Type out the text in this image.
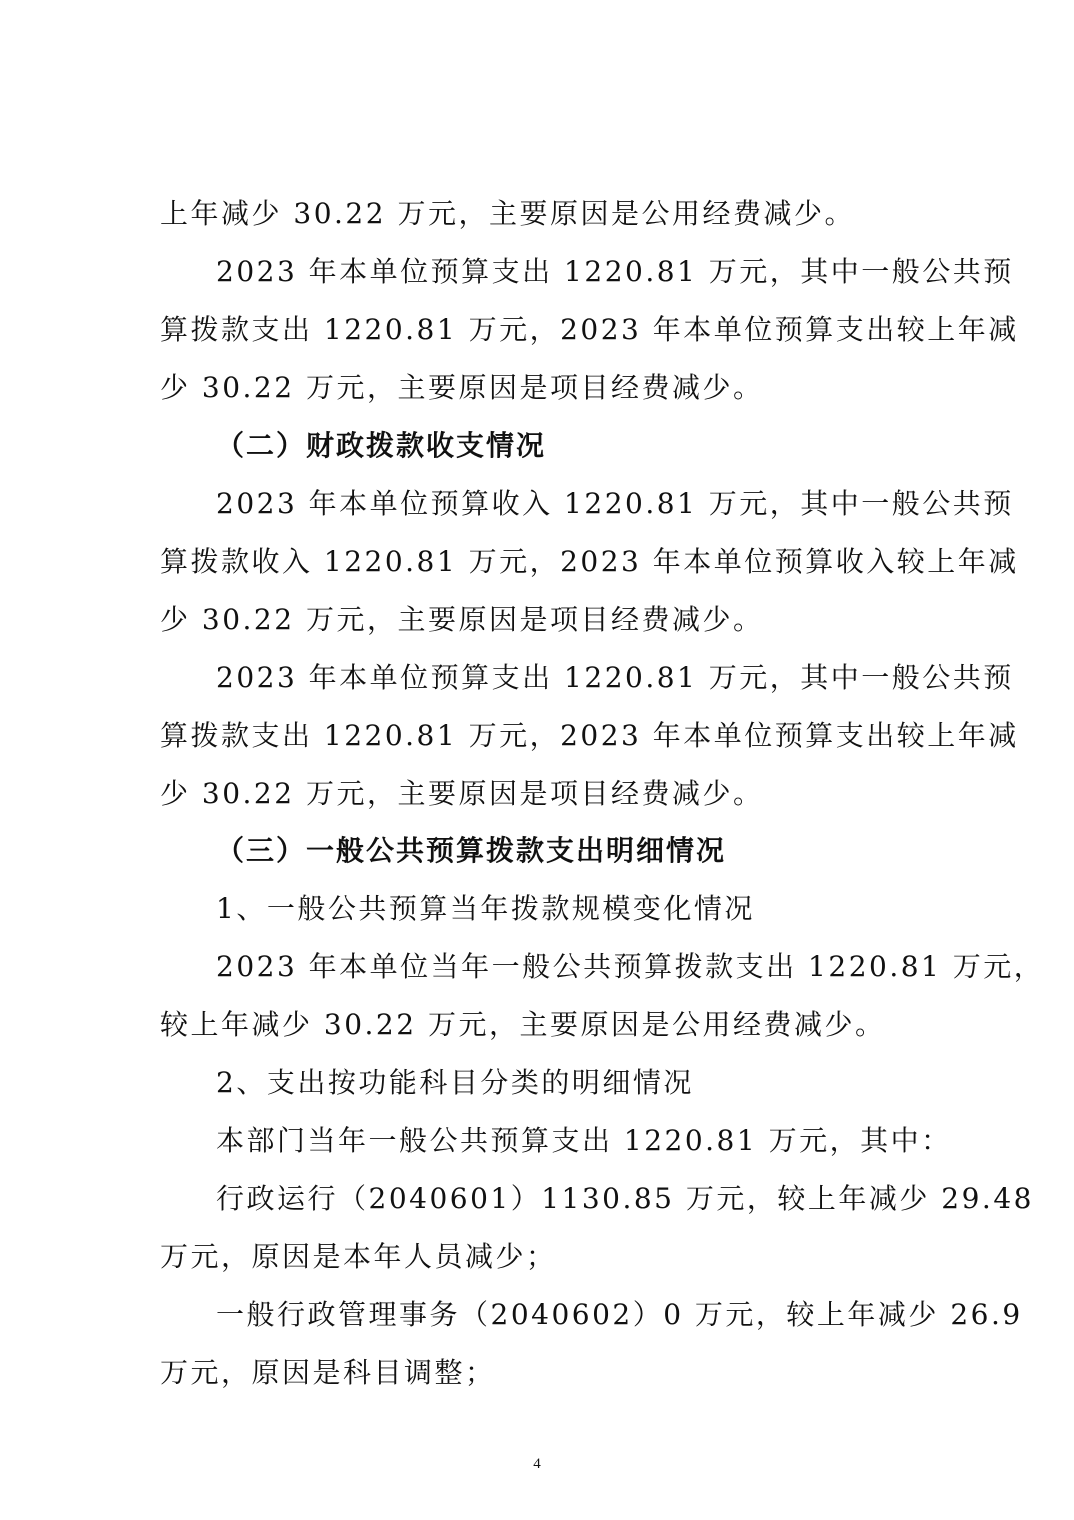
上年减少 30.22 万元，主要原因是公用经费减少。
2023 年本单位预算支出 1220.81 万元，其中一般公共预
算拨款支出 1220.81 万元，2023 年本单位预算支出较上年减
少 30.22 万元，主要原因是项目经费减少。
（二）财政拨款收支情况
2023 年本单位预算收入 1220.81 万元，其中一般公共预
算拨款收入 1220.81 万元，2023 年本单位预算收入较上年减
少 30.22 万元，主要原因是项目经费减少。
2023 年本单位预算支出 1220.81 万元，其中一般公共预
算拨款支出 1220.81 万元，2023 年本单位预算支出较上年减
少 30.22 万元，主要原因是项目经费减少。
（三）一般公共预算拨款支出明细情况
1、一般公共预算当年拨款规模变化情况
2023 年本单位当年一般公共预算拨款支出 1220.81 万元，
较上年减少 30.22 万元，主要原因是公用经费减少。
2、支出按功能科目分类的明细情况
本部门当年一般公共预算支出 1220.81 万元，其中：
行政运行（2040601）1130.85 万元，较上年减少 29.48
万元，原因是本年人员减少；
一般行政管理事务（2040602）0 万元，较上年减少 26.9
万元，原因是科目调整；
4
